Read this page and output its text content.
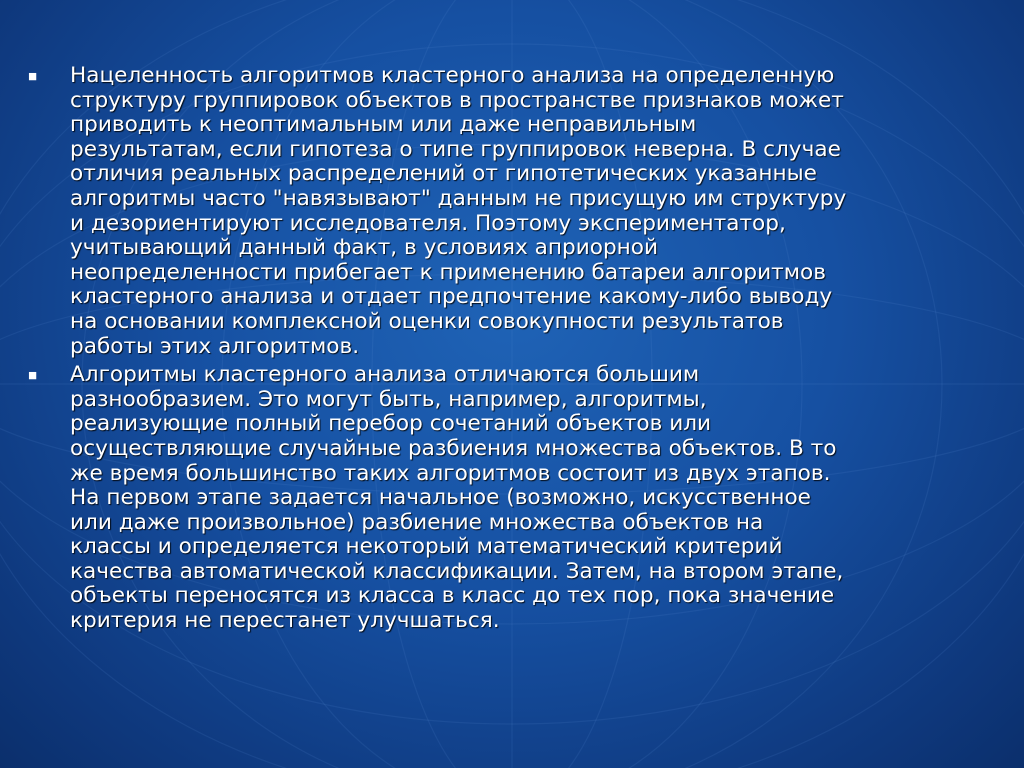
■	Нацеленность алгоритмов кластерного анализа на определенную
структуру группировок объектов в пространстве признаков может
приводить к неоптимальным или даже неправильным
результатам, если гипотеза о типе группировок неверна. В случае
отличия реальных распределений от гипотетических указанные
алгоритмы часто "навязывают" данным не присущую им структуру
и дезориентируют исследователя. Поэтому экспериментатор,
учитывающий данный факт, в условиях априорной
неопределенности прибегает к применению батареи алгоритмов
кластерного анализа и отдает предпочтение какому-либо выводу
на основании комплексной оценки совокупности результатов
работы этих алгоритмов.
■	Алгоритмы кластерного анализа отличаются большим
разнообразием. Это могут быть, например, алгоритмы,
реализующие полный перебор сочетаний объектов или
осуществляющие случайные разбиения множества объектов. В то
же время большинство таких алгоритмов состоит из двух этапов.
На первом этапе задается начальное (возможно, искусственное
или даже произвольное) разбиение множества объектов на
классы и определяется некоторый математический критерий
качества автоматической классификации. Затем, на втором этапе,
объекты переносятся из класса в класс до тех пор, пока значение
критерия не перестанет улучшаться.
